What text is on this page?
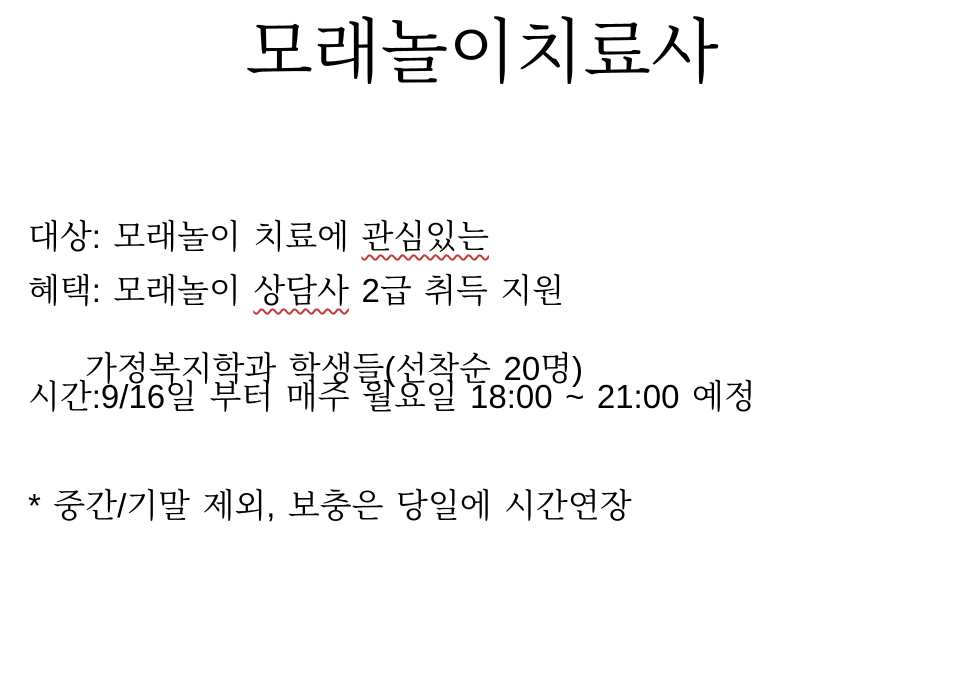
모래놀이치료사

대상: 모래놀이 치료에 관심있는

가정복지학과 학생들(선착순 20명)

혜택: 모래놀이 상담사 2급 취득 지원
시간:9/16일 부터 매주 월요일 18:00 ~ 21:00 예정
* 중간/기말 제외, 보충은 당일에 시간연장
